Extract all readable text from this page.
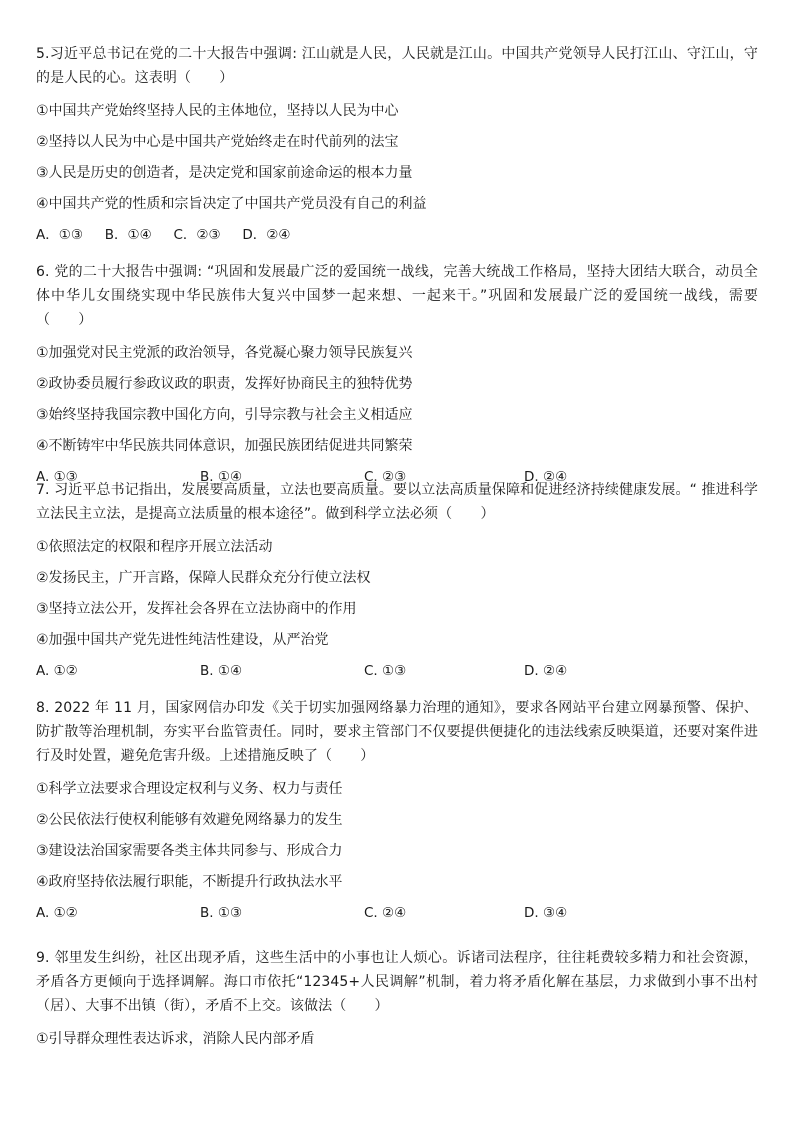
5.习近平总书记在党的二十大报告中强调: 江山就是人民，人民就是江山。中国共产党领导人民打江山、守江山，守的是人民的心。这表明（　　）

①中国共产党始终坚持人民的主体地位，坚持以人民为中心
②坚持以人民为中心是中国共产党始终走在时代前列的法宝
③人民是历史的创造者，是决定党和国家前途命运的根本力量
④中国共产党的性质和宗旨决定了中国共产党员没有自己的利益
A．①③　 B．①④　 C．②③　 D．②④

6. 党的二十大报告中强调: “巩固和发展最广泛的爱国统一战线，完善大统战工作格局，坚持大团结大联合，动员全体中华儿女围绕实现中华民族伟大复兴中国梦一起来想、一起来干。”巩固和发展最广泛的爱国统一战线，需要（　　）

①加强党对民主党派的政治领导，各党凝心聚力领导民族复兴
②政协委员履行参政议政的职责，发挥好协商民主的独特优势
③始终坚持我国宗教中国化方向，引导宗教与社会主义相适应
④不断铸牢中华民族共同体意识，加强民族团结促进共同繁荣
A. ①③	B. ①④	C. ②③	D. ②④

7. 习近平总书记指出，发展要高质量，立法也要高质量。要以立法高质量保障和促进经济持续健康发展。“ 推进科学立法民主立法，是提高立法质量的根本途径”。做到科学立法必须（　　）

①依照法定的权限和程序开展立法活动
②发扬民主，广开言路，保障人民群众充分行使立法权
③坚持立法公开，发挥社会各界在立法协商中的作用
④加强中国共产党先进性纯洁性建设，从严治党
A. ①②	B. ①④	C. ①③	D. ②④

8. 2022 年 11 月，国家网信办印发《关于切实加强网络暴力治理的通知》，要求各网站平台建立网暴预警、保护、防扩散等治理机制，夯实平台监管责任。同时，要求主管部门不仅要提供便捷化的违法线索反映渠道，还要对案件进行及时处置，避免危害升级。上述措施反映了（　　）

①科学立法要求合理设定权利与义务、权力与责任
②公民依法行使权利能够有效避免网络暴力的发生
③建设法治国家需要各类主体共同参与、形成合力
④政府坚持依法履行职能，不断提升行政执法水平
A. ①②	B. ①③	C. ②④	D. ③④

9. 邻里发生纠纷，社区出现矛盾，这些生活中的小事也让人烦心。诉诸司法程序，往往耗费较多精力和社会资源，矛盾各方更倾向于选择调解。海口市依托“12345+人民调解”机制，着力将矛盾化解在基层，力求做到小事不出村（居）、大事不出镇（街），矛盾不上交。该做法（　　）

①引导群众理性表达诉求，消除人民内部矛盾
